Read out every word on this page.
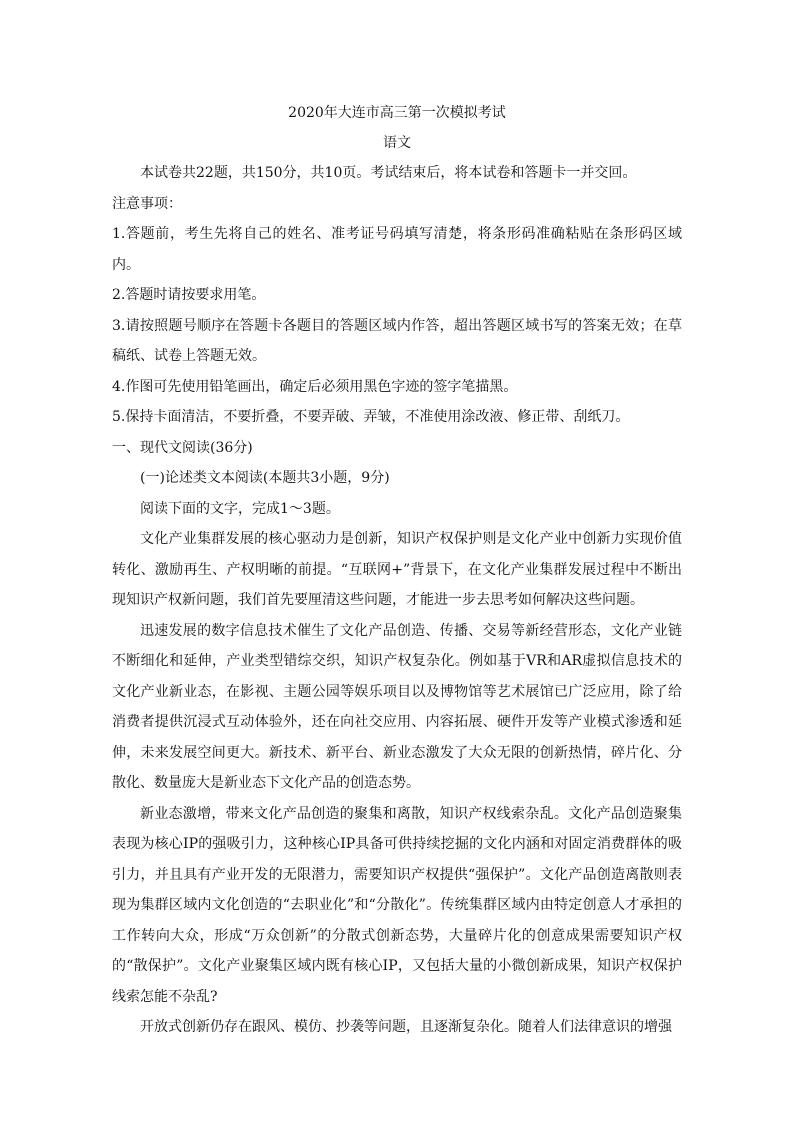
2020年大连市高三第一次模拟考试
语文

本试卷共22题，共150分，共10页。考试结束后，将本试卷和答题卡一并交回。

注意事项：

1.答题前，考生先将自己的姓名、准考证号码填写清楚，将条形码准确粘贴在条形码区域内。

2.答题时请按要求用笔。

3.请按照题号顺序在答题卡各题目的答题区域内作答，超出答题区域书写的答案无效；在草稿纸、试卷上答题无效。

4.作图可先使用铅笔画出，确定后必须用黑色字迹的签字笔描黑。

5.保持卡面清洁，不要折叠，不要弄破、弄皱，不准使用涂改液、修正带、刮纸刀。

一、现代文阅读(36分)

(一)论述类文本阅读(本题共3小题，9分)

阅读下面的文字，完成1～3题。

文化产业集群发展的核心驱动力是创新，知识产权保护则是文化产业中创新力实现价值转化、激励再生、产权明晰的前提。“互联网+”背景下，在文化产业集群发展过程中不断出现知识产权新问题，我们首先要厘清这些问题，才能进一步去思考如何解决这些问题。

迅速发展的数字信息技术催生了文化产品创造、传播、交易等新经营形态，文化产业链不断细化和延伸，产业类型错综交织，知识产权复杂化。例如基于VR和AR虚拟信息技术的文化产业新业态，在影视、主题公园等娱乐项目以及博物馆等艺术展馆已广泛应用，除了给消费者提供沉浸式互动体验外，还在向社交应用、内容拓展、硬件开发等产业模式渗透和延伸，未来发展空间更大。新技术、新平台、新业态激发了大众无限的创新热情，碎片化、分散化、数量庞大是新业态下文化产品的创造态势。

新业态激增，带来文化产品创造的聚集和离散，知识产权线索杂乱。文化产品创造聚集表现为核心IP的强吸引力，这种核心IP具备可供持续挖掘的文化内涵和对固定消费群体的吸引力，并且具有产业开发的无限潜力，需要知识产权提供“强保护”。文化产品创造离散则表现为集群区域内文化创造的“去职业化”和“分散化”。传统集群区域内由特定创意人才承担的工作转向大众，形成“万众创新”的分散式创新态势，大量碎片化的创意成果需要知识产权的“散保护”。文化产业聚集区域内既有核心IP，又包括大量的小微创新成果，知识产权保护线索怎能不杂乱?

开放式创新仍存在跟风、模仿、抄袭等问题，且逐渐复杂化。随着人们法律意识的增强
